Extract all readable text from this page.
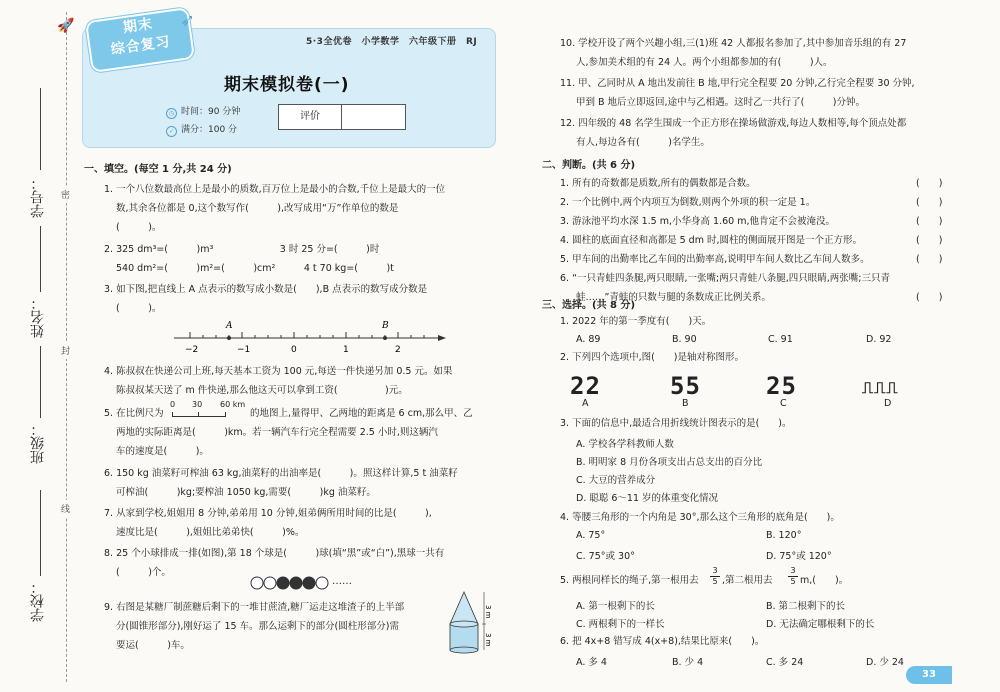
🚀
密
封
线
学号：
姓名：
班级：
学校：
期末
综合复习
➶
5·3全优卷　小学数学　六年级下册　RJ
期末模拟卷(一)
◷ 时间：90 分钟
✓ 满分：100 分
评价
一、填空。(每空 1 分,共 24 分)
1. 一个八位数最高位上是最小的质数,百万位上是最小的合数,千位上是最大的一位
数,其余各位都是 0,这个数写作(　　　),改写成用“万”作单位的数是
(　　　)。
2. 325 dm³=(　　　)m³　　　　　　　3 时 25 分=(　　　)时
540 dm²=(　　　)m²=(　　　)cm²　　　4 t 70 kg=(　　　)t
3. 如下图,把直线上 A 点表示的数写成小数是(　　),B 点表示的数写成分数是
(　　　)。
A	B
−2	−1	0	1	2
4. 陈叔叔在快递公司上班,每天基本工资为 100 元,每送一件快递另加 0.5 元。如果
陈叔叔某天送了 m 件快递,那么他这天可以拿到工资(　　　　　)元。
5. 在比例尺为
0 30 60 km
的地图上,量得甲、乙两地的距离是 6 cm,那么甲、乙
两地的实际距离是(　　　)km。若一辆汽车行完全程需要 2.5 小时,则这辆汽
车的速度是(　　　)。
6. 150 kg 油菜籽可榨油 63 kg,油菜籽的出油率是(　　　)。照这样计算,5 t 油菜籽
可榨油(　　　)kg;要榨油 1050 kg,需要(　　　)kg 油菜籽。
7. 从家到学校,姐姐用 8 分钟,弟弟用 10 分钟,姐弟俩所用时间的比是(　　　),
速度比是(　　　),姐姐比弟弟快(　　　)%。
8. 25 个小球排成一排(如图),第 18 个球是(　　　)球(填“黑”或“白”),黑球一共有
(　　　)个。
……
9. 右图是某糖厂制蔗糖后剩下的一堆甘蔗渣,糖厂运走这堆渣子的上半部
分(圆锥形部分),刚好运了 15 车。那么运剩下的部分(圆柱形部分)需
要运(　　　)车。
3 m
3 m
10. 学校开设了两个兴趣小组,三(1)班 42 人都报名参加了,其中参加音乐组的有 27
人,参加美术组的有 24 人。两个小组都参加的有(　　　)人。
11. 甲、乙同时从 A 地出发前往 B 地,甲行完全程要 20 分钟,乙行完全程要 30 分钟,
甲到 B 地后立即返回,途中与乙相遇。这时乙一共行了(　　　)分钟。
12. 四年级的 48 名学生围成一个正方形在操场做游戏,每边人数相等,每个顶点处都
有人,每边各有(　　　)名学生。
二、判断。(共 6 分)
1. 所有的奇数都是质数,所有的偶数都是合数。	(　　)
2. 一个比例中,两个内项互为倒数,则两个外项的积一定是 1。	(　　)
3. 游泳池平均水深 1.5 m,小华身高 1.60 m,他肯定不会被淹没。	(　　)
4. 圆柱的底面直径和高都是 5 dm 时,圆柱的侧面展开图是一个正方形。	(　　)
5. 甲车间的出勤率比乙车间的出勤率高,说明甲车间人数比乙车间人数多。	(　　)
6. “一只青蛙四条腿,两只眼睛,一张嘴;两只青蛙八条腿,四只眼睛,两张嘴;三只青
蛙……”青蛙的只数与腿的条数成正比例关系。	(　　)
三、选择。(共 8 分)
1. 2022 年的第一季度有(　　)天。
A. 89	B. 90	C. 91	D. 92
2. 下列四个选项中,图(　　)是轴对称图形。
22	55	25	⎍⎍⎍
A	B	C	D
3. 下面的信息中,最适合用折线统计图表示的是(　　)。
A. 学校各学科教师人数
B. 明明家 8 月份各项支出占总支出的百分比
C. 大豆的营养成分
D. 聪聪 6～11 岁的体重变化情况
4. 等腰三角形的一个内角是 30°,那么这个三角形的底角是(　　)。
A. 75°	B. 120°
C. 75°或 30°	D. 75°或 120°
5. 两根同样长的绳子,第一根用去
3
5 ,第二根用去
3
5 m,(　　)。
A. 第一根剩下的长	B. 第二根剩下的长
C. 两根剩下的一样长	D. 无法确定哪根剩下的长
6. 把 4x+8 错写成 4(x+8),结果比原来(　　)。
A. 多 4	B. 少 4	C. 多 24	D. 少 24
33
